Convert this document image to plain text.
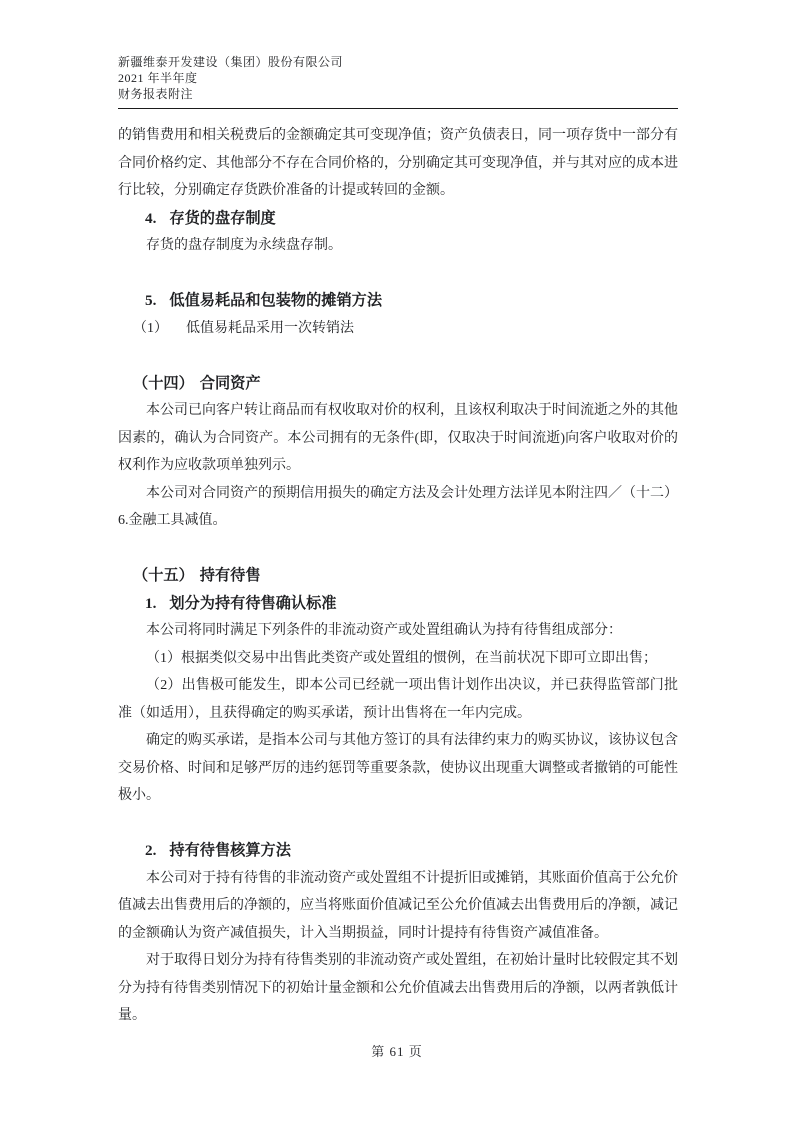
新疆维泰开发建设（集团）股份有限公司
2021 年半年度
财务报表附注

的销售费用和相关税费后的金额确定其可变现净值；资产负债表日，同一项存货中一部分有合同价格约定、其他部分不存在合同价格的，分别确定其可变现净值，并与其对应的成本进行比较，分别确定存货跌价准备的计提或转回的金额。

4. 存货的盘存制度

存货的盘存制度为永续盘存制。

5. 低值易耗品和包装物的摊销方法

（1） 低值易耗品采用一次转销法

（十四） 合同资产

本公司已向客户转让商品而有权收取对价的权利，且该权利取决于时间流逝之外的其他因素的，确认为合同资产。本公司拥有的无条件(即，仅取决于时间流逝)向客户收取对价的权利作为应收款项单独列示。

本公司对合同资产的预期信用损失的确定方法及会计处理方法详见本附注四／（十二）6.金融工具减值。

（十五） 持有待售
1. 划分为持有待售确认标准

本公司将同时满足下列条件的非流动资产或处置组确认为持有待售组成部分：

（1）根据类似交易中出售此类资产或处置组的惯例，在当前状况下即可立即出售；

（2）出售极可能发生，即本公司已经就一项出售计划作出决议，并已获得监管部门批准（如适用），且获得确定的购买承诺，预计出售将在一年内完成。

确定的购买承诺，是指本公司与其他方签订的具有法律约束力的购买协议，该协议包含交易价格、时间和足够严厉的违约惩罚等重要条款，使协议出现重大调整或者撤销的可能性极小。

2. 持有待售核算方法

本公司对于持有待售的非流动资产或处置组不计提折旧或摊销，其账面价值高于公允价值减去出售费用后的净额的，应当将账面价值减记至公允价值减去出售费用后的净额，减记的金额确认为资产减值损失，计入当期损益，同时计提持有待售资产减值准备。

对于取得日划分为持有待售类别的非流动资产或处置组，在初始计量时比较假定其不划分为持有待售类别情况下的初始计量金额和公允价值减去出售费用后的净额，以两者孰低计量。

第 61 页
